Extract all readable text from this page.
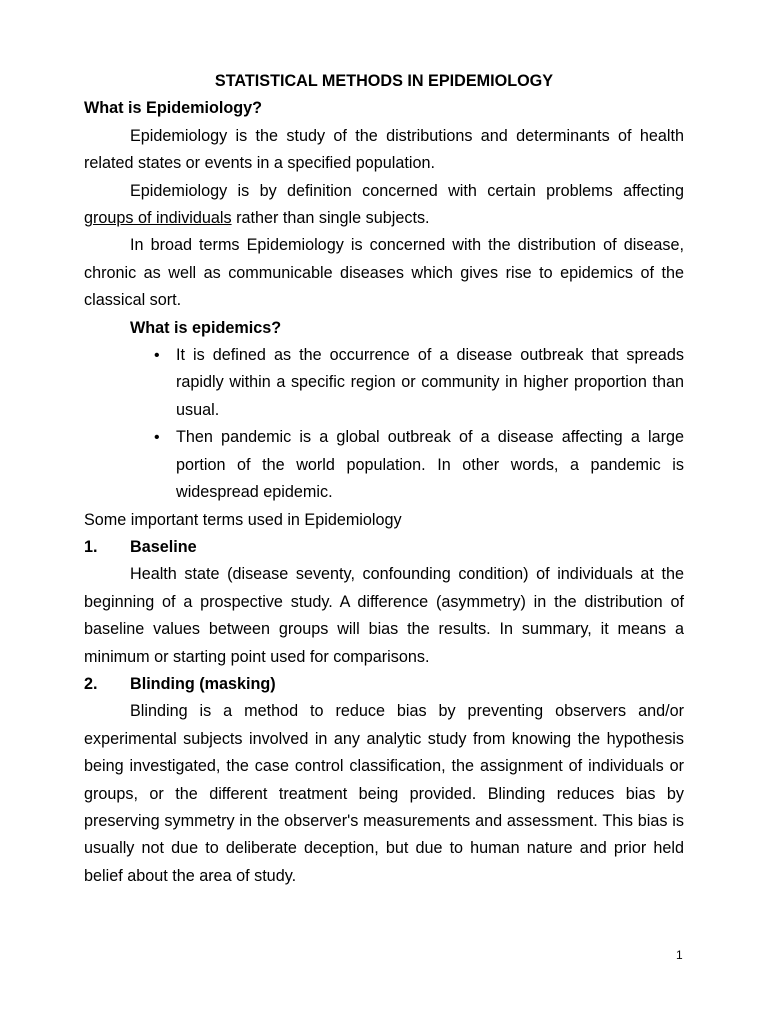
STATISTICAL METHODS IN EPIDEMIOLOGY
What is Epidemiology?
Epidemiology is the study of the distributions and determinants of health related states or events in a specified population.
Epidemiology is by definition concerned with certain problems affecting groups of individuals rather than single subjects.
In broad terms Epidemiology is concerned with the distribution of disease, chronic as well as communicable diseases which gives rise to epidemics of the classical sort.
What is epidemics?
• It is defined as the occurrence of a disease outbreak that spreads rapidly within a specific region or community in higher proportion than usual.
• Then pandemic is a global outbreak of a disease affecting a large portion of the world population. In other words, a pandemic is widespread epidemic.
Some important terms used in Epidemiology
1.	Baseline
Health state (disease seventy, confounding condition) of individuals at the beginning of a prospective study. A difference (asymmetry) in the distribution of baseline values between groups will bias the results. In summary, it means a minimum or starting point used for comparisons.
2.	Blinding (masking)
Blinding is a method to reduce bias by preventing observers and/or experimental subjects involved in any analytic study from knowing the hypothesis being investigated, the case control classification, the assignment of individuals or groups, or the different treatment being provided. Blinding reduces bias by preserving symmetry in the observer's measurements and assessment. This bias is usually not due to deliberate deception, but due to human nature and prior held belief about the area of study.
1
